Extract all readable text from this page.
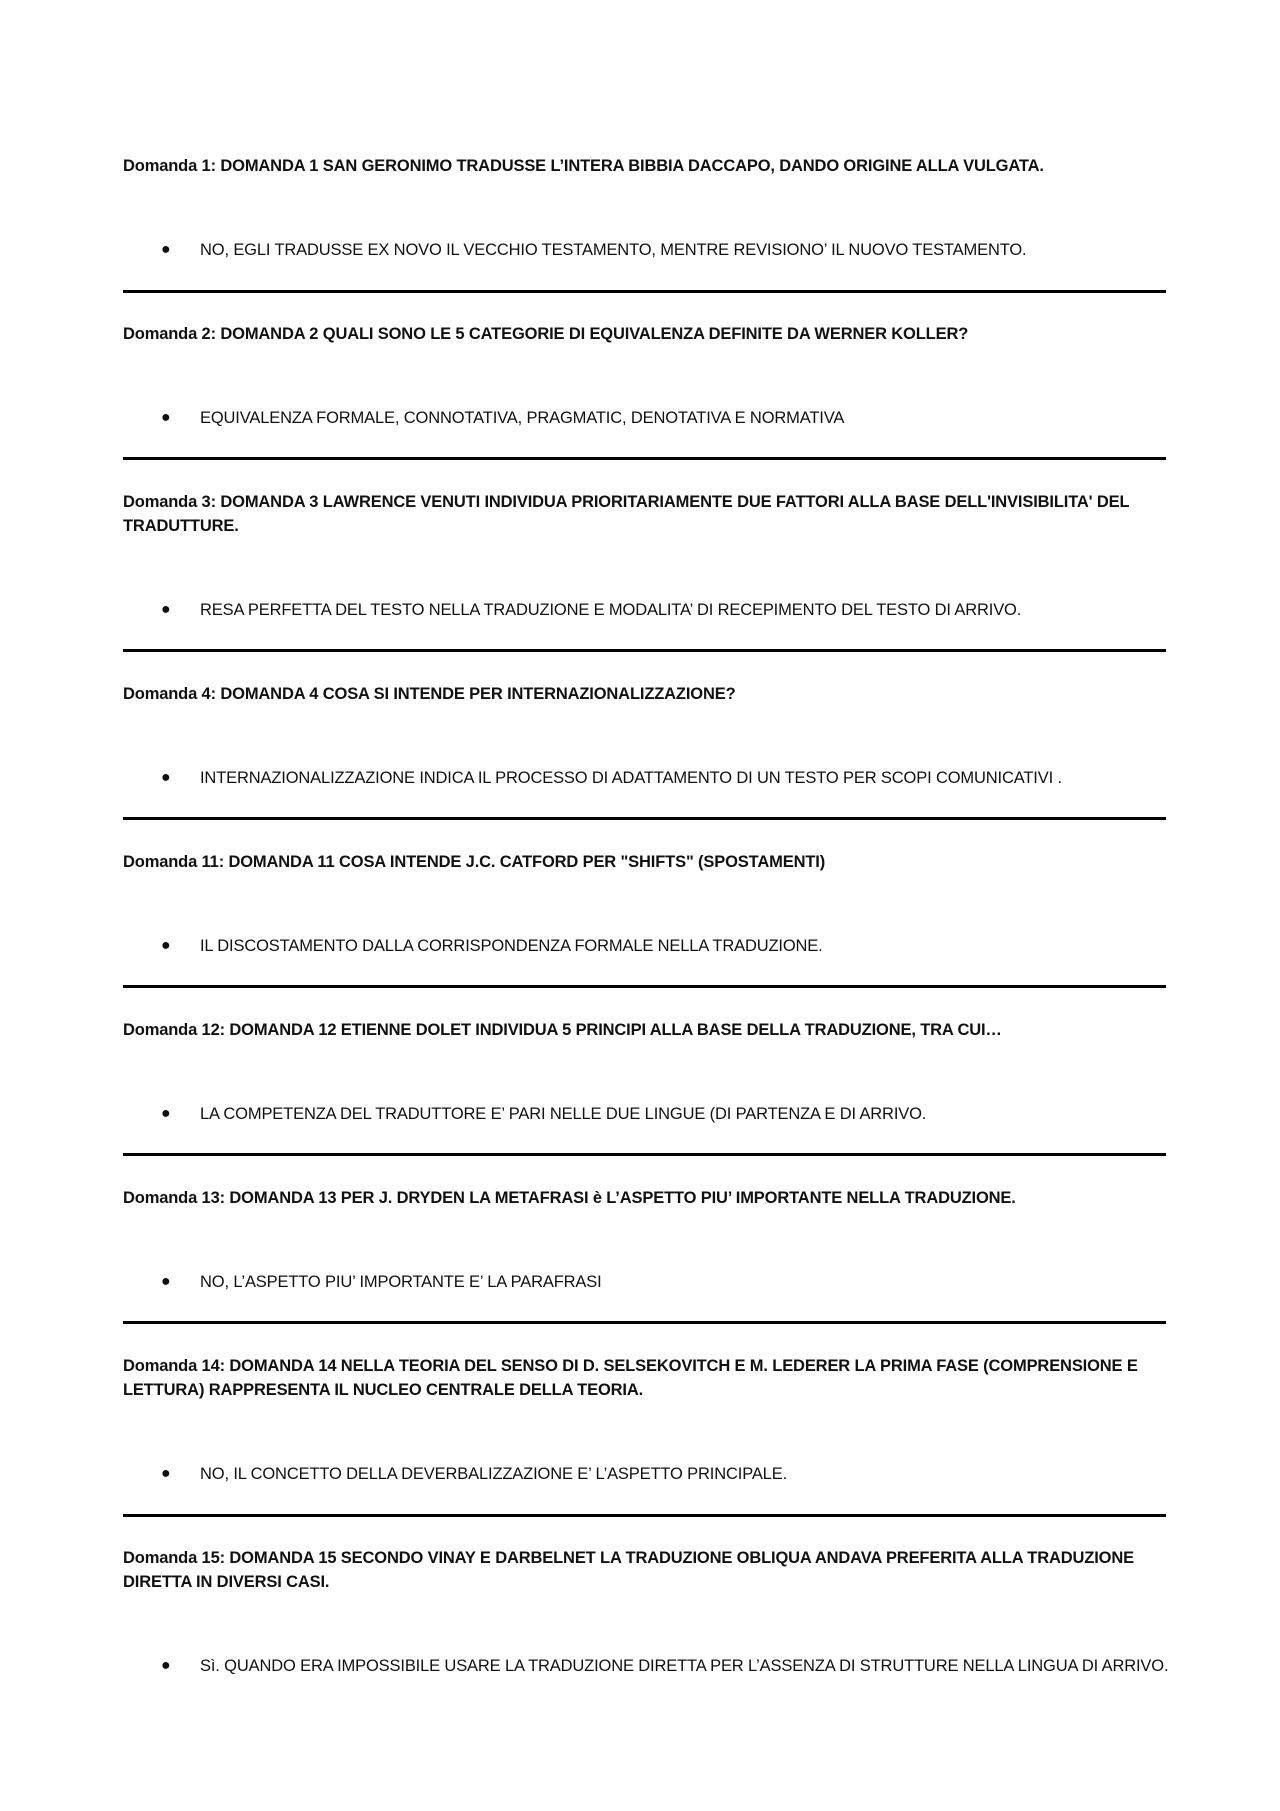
Domanda 1: DOMANDA 1 SAN GERONIMO TRADUSSE L’INTERA BIBBIA DACCAPO, DANDO ORIGINE ALLA VULGATA.

● NO, EGLI TRADUSSE EX NOVO IL VECCHIO TESTAMENTO, MENTRE REVISIONO’ IL NUOVO TESTAMENTO.

Domanda 2: DOMANDA 2 QUALI SONO LE 5 CATEGORIE DI EQUIVALENZA DEFINITE DA WERNER KOLLER?

● EQUIVALENZA FORMALE, CONNOTATIVA, PRAGMATIC, DENOTATIVA E NORMATIVA

Domanda 3: DOMANDA 3 LAWRENCE VENUTI INDIVIDUA PRIORITARIAMENTE DUE FATTORI ALLA BASE DELL'INVISIBILITA' DEL TRADUTTURE.

● RESA PERFETTA DEL TESTO NELLA TRADUZIONE E MODALITA’ DI RECEPIMENTO DEL TESTO DI ARRIVO.

Domanda 4: DOMANDA 4 COSA SI INTENDE PER INTERNAZIONALIZZAZIONE?

● INTERNAZIONALIZZAZIONE INDICA IL PROCESSO DI ADATTAMENTO DI UN TESTO PER SCOPI COMUNICATIVI .

Domanda 11: DOMANDA 11 COSA INTENDE J.C. CATFORD PER "SHIFTS" (SPOSTAMENTI)

● IL DISCOSTAMENTO DALLA CORRISPONDENZA FORMALE NELLA TRADUZIONE.

Domanda 12: DOMANDA 12 ETIENNE DOLET INDIVIDUA 5 PRINCIPI ALLA BASE DELLA TRADUZIONE, TRA CUI…

● LA COMPETENZA DEL TRADUTTORE E’ PARI NELLE DUE LINGUE (DI PARTENZA E DI ARRIVO.

Domanda 13: DOMANDA 13 PER J. DRYDEN LA METAFRASI è L’ASPETTO PIU’ IMPORTANTE NELLA TRADUZIONE.

● NO, L’ASPETTO PIU’ IMPORTANTE E’ LA PARAFRASI

Domanda 14: DOMANDA 14 NELLA TEORIA DEL SENSO DI D. SELSEKOVITCH E M. LEDERER LA PRIMA FASE (COMPRENSIONE E LETTURA) RAPPRESENTA IL NUCLEO CENTRALE DELLA TEORIA.

● NO, IL CONCETTO DELLA DEVERBALIZZAZIONE E’ L’ASPETTO PRINCIPALE.

Domanda 15: DOMANDA 15 SECONDO VINAY E DARBELNET LA TRADUZIONE OBLIQUA ANDAVA PREFERITA ALLA TRADUZIONE DIRETTA IN DIVERSI CASI.

● Sì. QUANDO ERA IMPOSSIBILE USARE LA TRADUZIONE DIRETTA PER L’ASSENZA DI STRUTTURE NELLA LINGUA DI ARRIVO.
